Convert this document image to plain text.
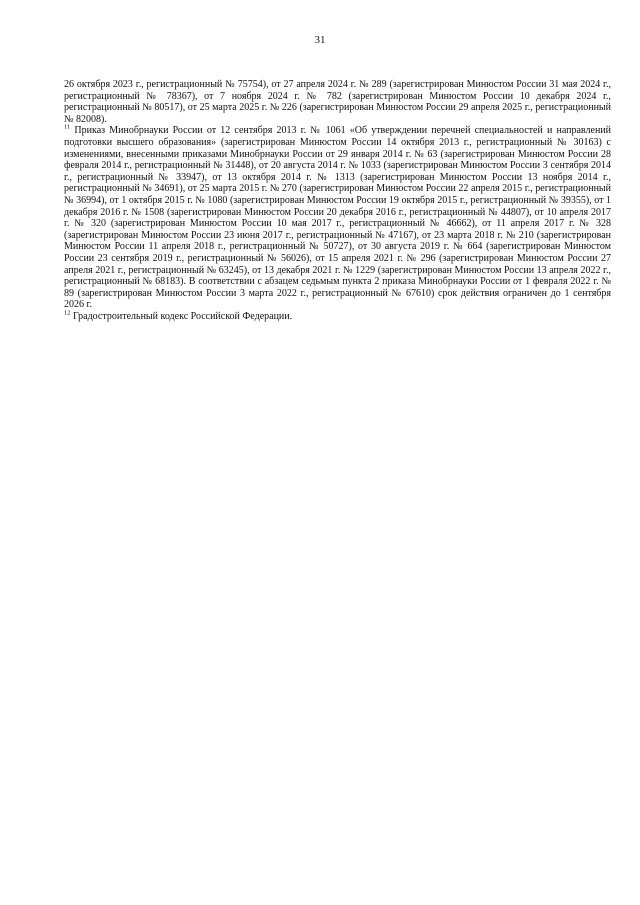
31

26 октября 2023 г., регистрационный № 75754), от 27 апреля 2024 г. № 289 (зарегистрирован Минюстом России 31 мая 2024 г., регистрационный № 78367), от 7 ноября 2024 г. № 782 (зарегистрирован Минюстом России 10 декабря 2024 г., регистрационный № 80517), от 25 марта 2025 г. № 226 (зарегистрирован Минюстом России 29 апреля 2025 г., регистрационный № 82008).

$^{11}$ Приказ Минобрнауки России от 12 сентября 2013 г. № 1061 «Об утверждении перечней специальностей и направлений подготовки высшего образования» (зарегистрирован Минюстом России 14 октября 2013 г., регистрационный № 30163) с изменениями, внесенными приказами Минобрнауки России от 29 января 2014 г. № 63 (зарегистрирован Минюстом России 28 февраля 2014 г., регистрационный № 31448), от 20 августа 2014 г. № 1033 (зарегистрирован Минюстом России 3 сентября 2014 г., регистрационный № 33947), от 13 октября 2014 г. № 1313 (зарегистрирован Минюстом России 13 ноября 2014 г., регистрационный № 34691), от 25 марта 2015 г. № 270 (зарегистрирован Минюстом России 22 апреля 2015 г., регистрационный № 36994), от 1 октября 2015 г. № 1080 (зарегистрирован Минюстом России 19 октября 2015 г., регистрационный № 39355), от 1 декабря 2016 г. № 1508 (зарегистрирован Минюстом России 20 декабря 2016 г., регистрационный № 44807), от 10 апреля 2017 г. № 320 (зарегистрирован Минюстом России 10 мая 2017 г., регистрационный № 46662), от 11 апреля 2017 г. № 328 (зарегистрирован Минюстом России 23 июня 2017 г., регистрационный № 47167), от 23 марта 2018 г. № 210 (зарегистрирован Минюстом России 11 апреля 2018 г., регистрационный № 50727), от 30 августа 2019 г. № 664 (зарегистрирован Минюстом России 23 сентября 2019 г., регистрационный № 56026), от 15 апреля 2021 г. № 296 (зарегистрирован Минюстом России 27 апреля 2021 г., регистрационный № 63245), от 13 декабря 2021 г. № 1229 (зарегистрирован Минюстом России 13 апреля 2022 г., регистрационный № 68183). В соответствии с абзацем седьмым пункта 2 приказа Минобрнауки России от 1 февраля 2022 г. № 89 (зарегистрирован Минюстом России 3 марта 2022 г., регистрационный № 67610) срок действия ограничен до 1 сентября 2026 г.

$^{12}$ Градостроительный кодекс Российской Федерации.
